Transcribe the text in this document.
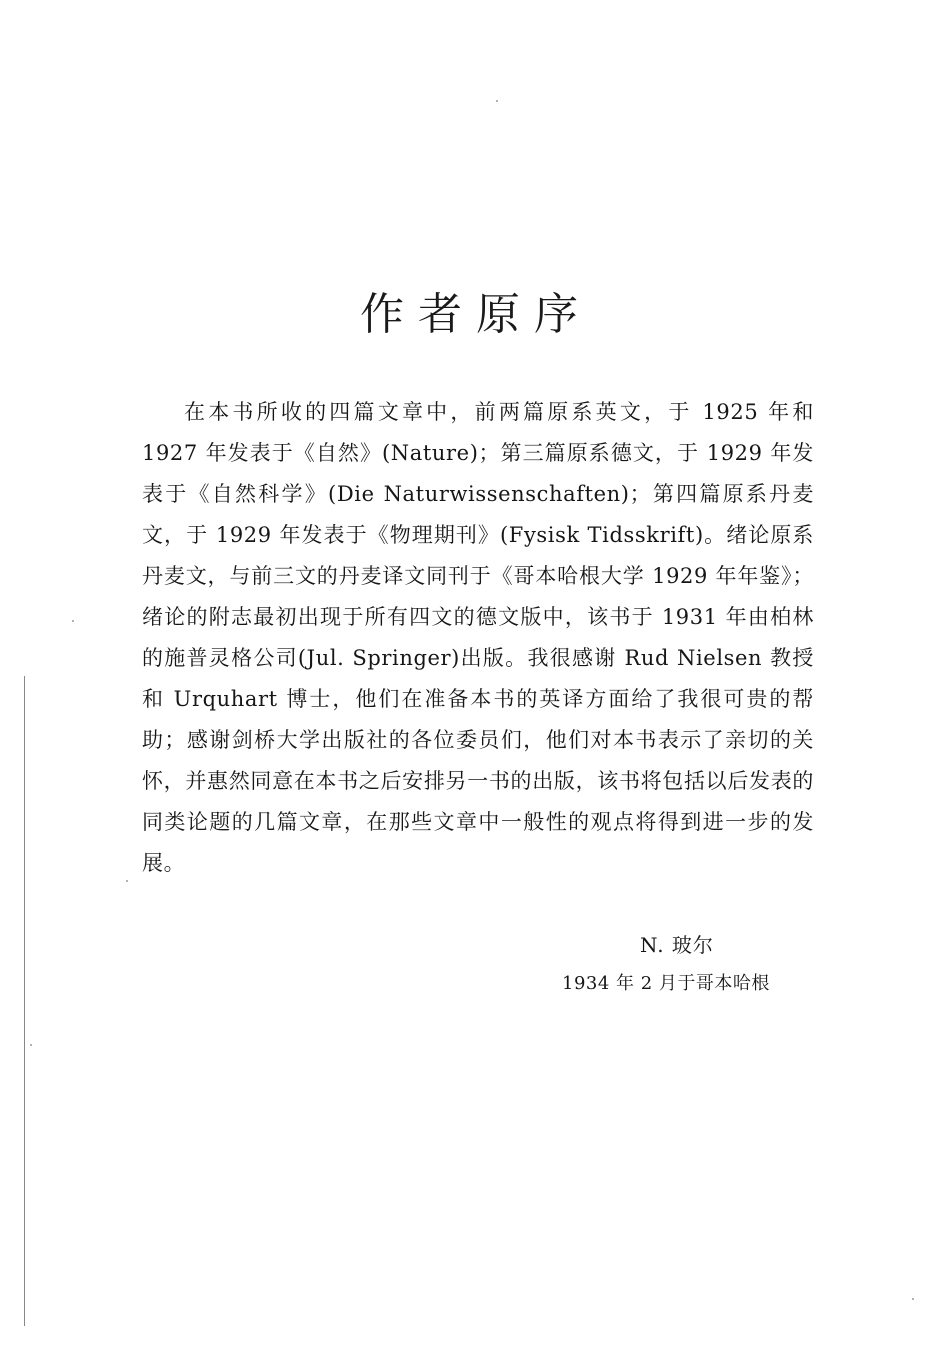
作者原序

在本书所收的四篇文章中，前两篇原系英文，于 1925 年和 1927 年发表于《自然》(Nature)；第三篇原系德文，于 1929 年发表于《自然科学》(Die Naturwissenschaften)；第四篇原系丹麦文，于 1929 年发表于《物理期刊》(Fysisk Tidsskrift)。绪论原系丹麦文，与前三文的丹麦译文同刊于《哥本哈根大学 1929 年年鉴》；绪论的附志最初出现于所有四文的德文版中，该书于 1931 年由柏林的施普灵格公司(Jul. Springer)出版。我很感谢 Rud Nielsen 教授和 Urquhart 博士，他们在准备本书的英译方面给了我很可贵的帮助；感谢剑桥大学出版社的各位委员们，他们对本书表示了亲切的关怀，并惠然同意在本书之后安排另一书的出版，该书将包括以后发表的同类论题的几篇文章，在那些文章中一般性的观点将得到进一步的发展。

N. 玻尔
1934 年 2 月于哥本哈根
